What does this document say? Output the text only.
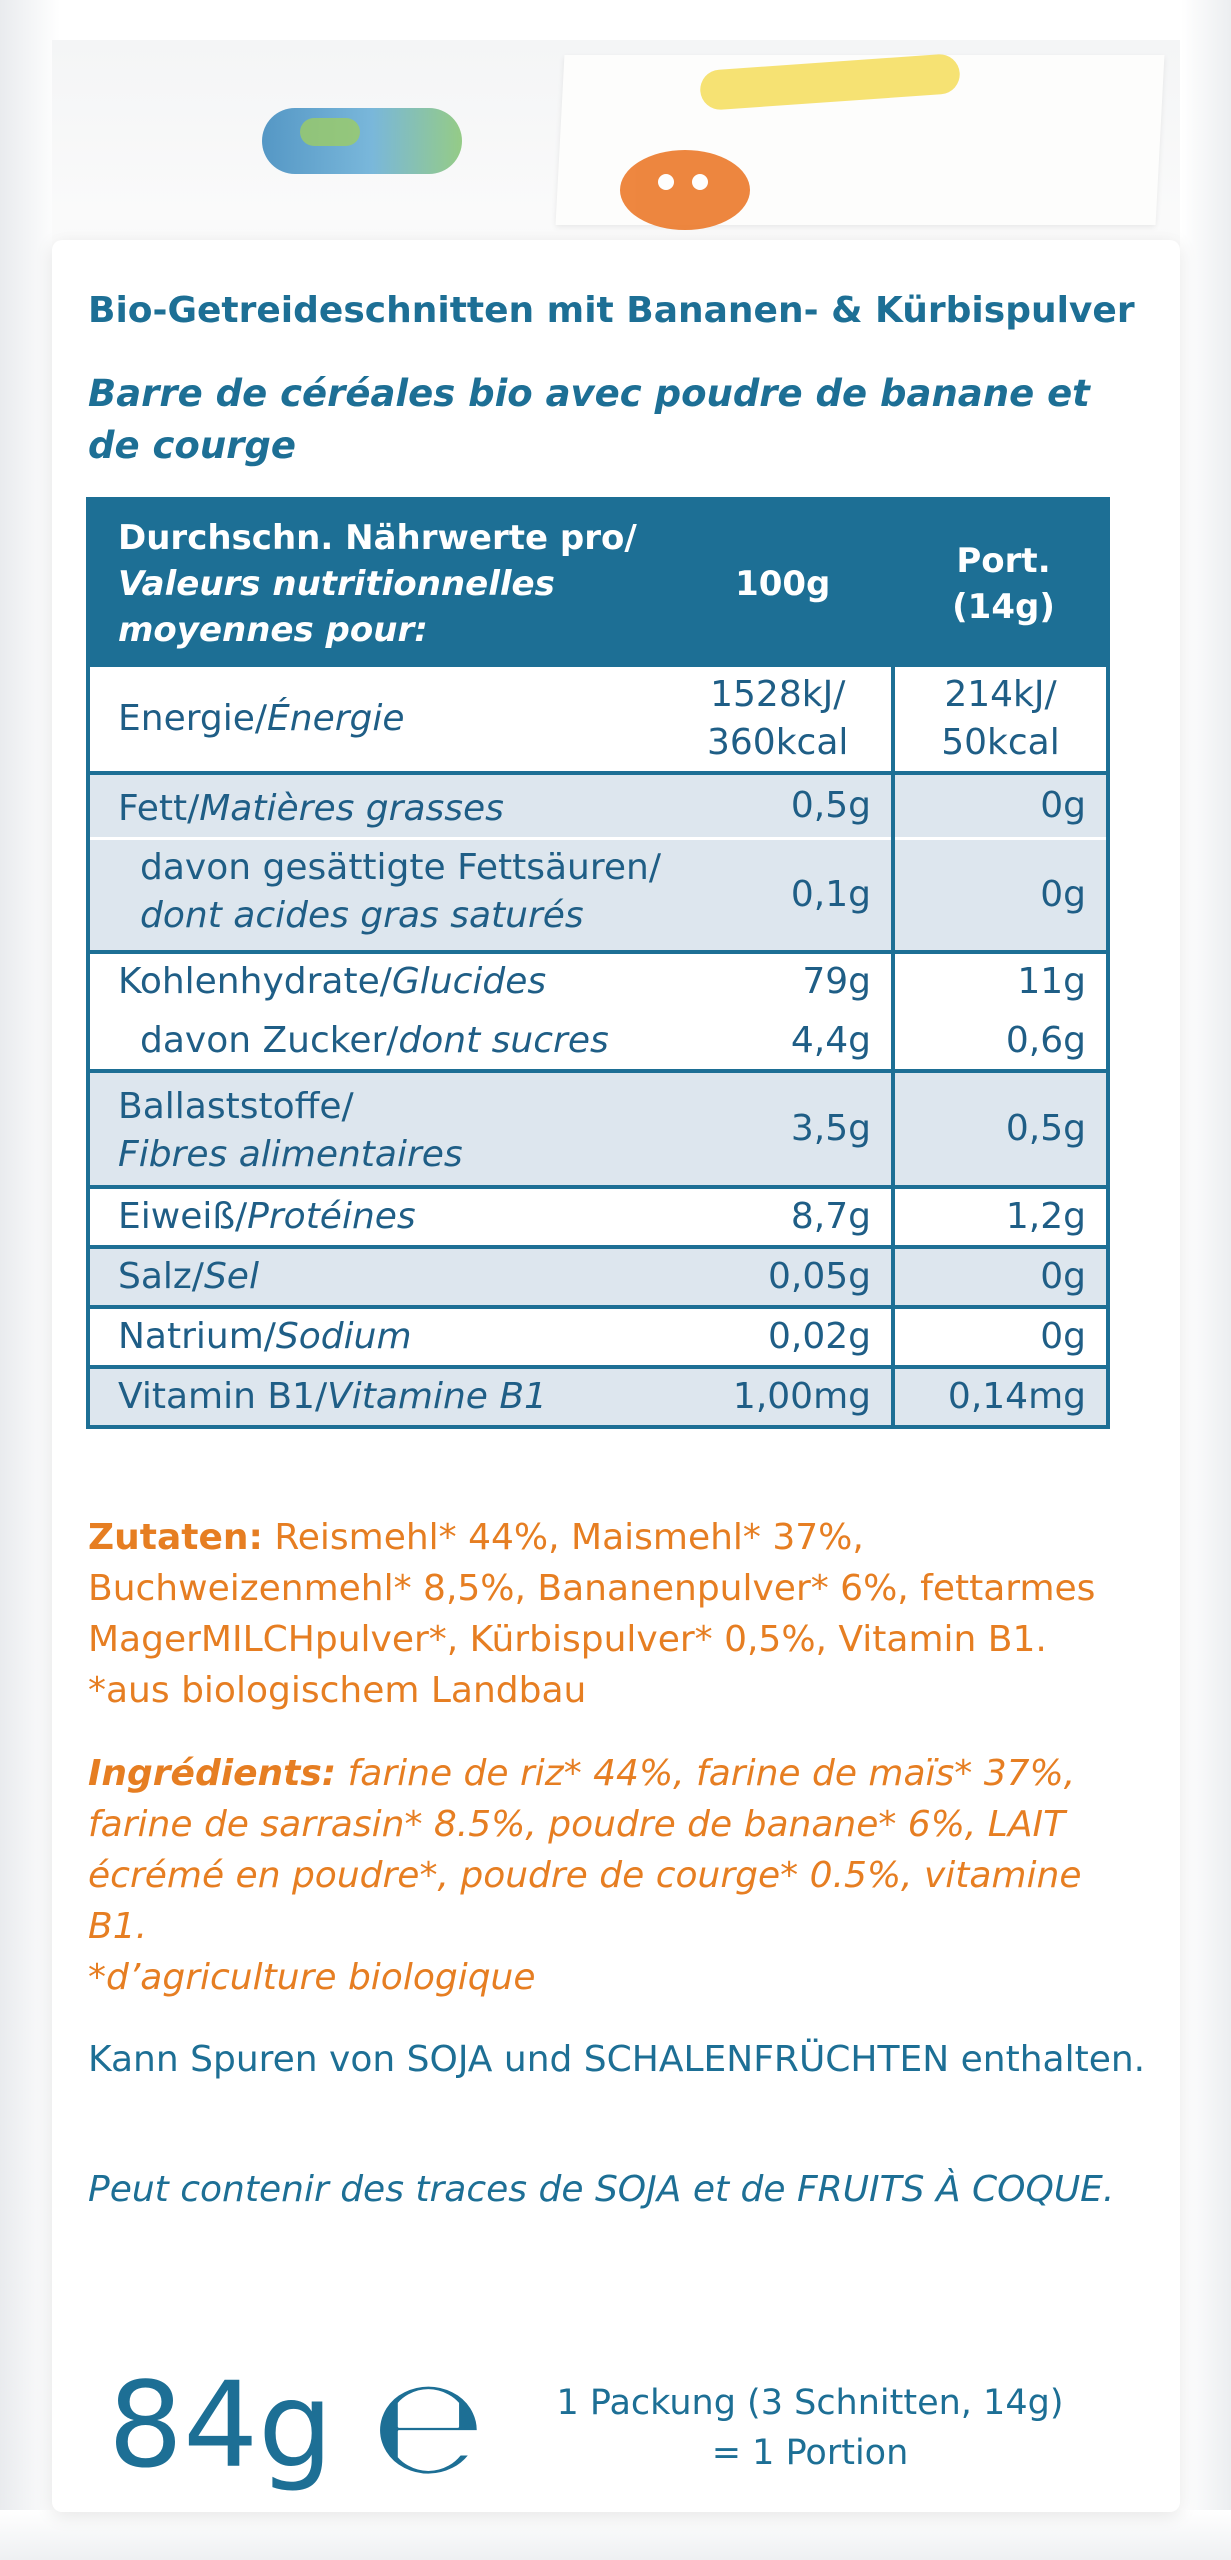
Bio-Getreideschnitten mit Bananen- & Kürbispulver
Barre de céréales bio avec poudre de banane et de courge
Durchschn. Nährwerte pro/
Valeurs nutritionnelles moyennes pour:	100g	Port. (14g)
Energie/Énergie	1528kJ/ 360kcal	214kJ/ 50kcal
Fett/Matières grasses	0,5g	0g
davon gesättigte Fettsäuren/
dont acides gras saturés	0,1g	0g
Kohlenhydrate/Glucides	79g	11g
davon Zucker/dont sucres	4,4g	0,6g
Ballaststoffe/
Fibres alimentaires	3,5g	0,5g
Eiweiß/Protéines	8,7g	1,2g
Salz/Sel	0,05g	0g
Natrium/Sodium	0,02g	0g
Vitamin B1/Vitamine B1	1,00mg	0,14mg
Zutaten: Reismehl* 44%, Maismehl* 37%, Buchweizenmehl* 8,5%, Bananenpulver* 6%, fettarmes MagerMILCHpulver*, Kürbispulver* 0,5%, Vitamin B1.
*aus biologischem Landbau
Ingrédients: farine de riz* 44%, farine de maïs* 37%, farine de sarrasin* 8.5%, poudre de banane* 6%, LAIT écrémé en poudre*, poudre de courge* 0.5%, vitamine B1.
*d’agriculture biologique
Kann Spuren von SOJA und SCHALENFRÜCHTEN enthalten.
Peut contenir des traces de SOJA et de FRUITS À COQUE.
84g ℮	1 Packung (3 Schnitten, 14g)
= 1 Portion
